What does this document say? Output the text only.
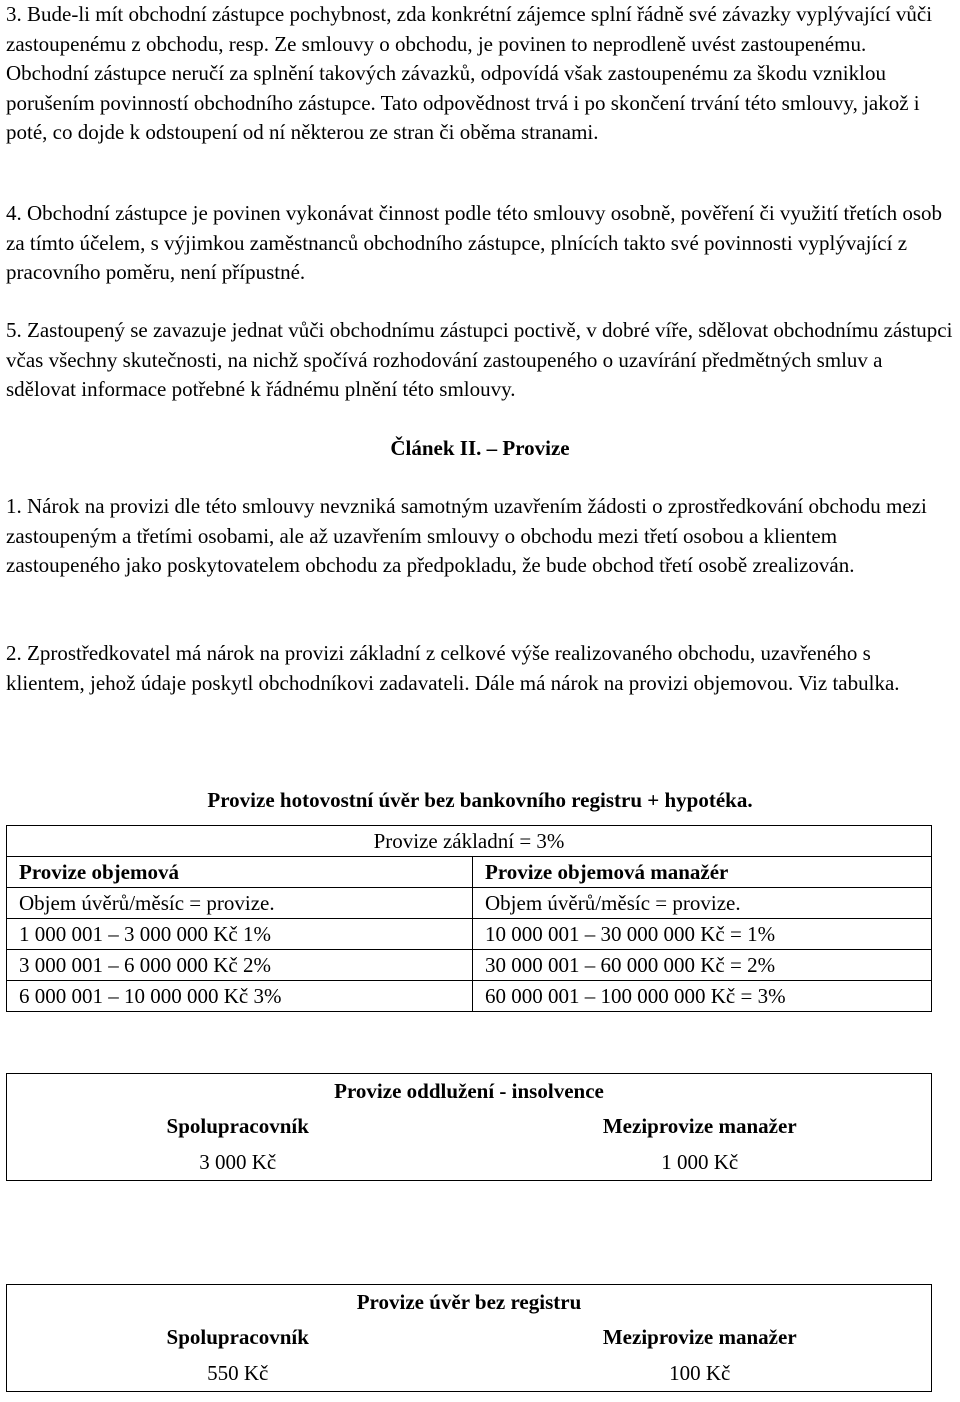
3. Bude-li mít obchodní zástupce pochybnost, zda konkrétní zájemce splní řádně své závazky vyplývající vůči zastoupenému z obchodu, resp. Ze smlouvy o obchodu, je povinen to neprodleně uvést zastoupenému. Obchodní zástupce neručí za splnění takových závazků, odpovídá však zastoupenému za škodu vzniklou porušením povinností obchodního zástupce. Tato odpovědnost trvá i po skončení trvání této smlouvy, jakož i poté, co dojde k odstoupení od ní některou ze stran či oběma stranami.

4. Obchodní zástupce je povinen vykonávat činnost podle této smlouvy osobně, pověření či využití třetích osob za tímto účelem, s výjimkou zaměstnanců obchodního zástupce, plnících takto své povinnosti vyplývající z pracovního poměru, není přípustné.

5. Zastoupený se zavazuje jednat vůči obchodnímu zástupci poctivě, v dobré víře, sdělovat obchodnímu zástupci včas všechny skutečnosti, na nichž spočívá rozhodování zastoupeného o uzavírání předmětných smluv a sdělovat informace potřebné k řádnému plnění této smlouvy.

Článek II. – Provize

1. Nárok na provizi dle této smlouvy nevzniká samotným uzavřením žádosti o zprostředkování obchodu mezi zastoupeným a třetími osobami, ale až uzavřením smlouvy o obchodu mezi třetí osobou a klientem zastoupeného jako poskytovatelem obchodu za předpokladu, že bude obchod třetí osobě zrealizován.

2. Zprostředkovatel má nárok na provizi základní z celkové výše realizovaného obchodu, uzavřeného s klientem, jehož údaje poskytl obchodníkovi zadavateli. Dále má nárok na provizi objemovou. Viz tabulka.

Provize hotovostní úvěr bez bankovního registru + hypotéka.

Provize základní = 3%	
Provize objemová	Provize objemová manažér
Objem úvěrů/měsíc = provize.	Objem úvěrů/měsíc = provize.
1 000 001 – 3 000 000 Kč 1%	10 000 001 – 30 000 000 Kč = 1%
3 000 001 – 6 000 000 Kč 2%	30 000 001 – 60 000 000 Kč = 2%
6 000 001 – 10 000 000 Kč 3%	60 000 001 – 100 000 000 Kč = 3%
Provize oddlužení - insolvence	
Spolupracovník	Meziprovize manažer
3 000 Kč	1 000 Kč
Provize úvěr bez registru	
Spolupracovník	Meziprovize manažer
550 Kč	100 Kč
